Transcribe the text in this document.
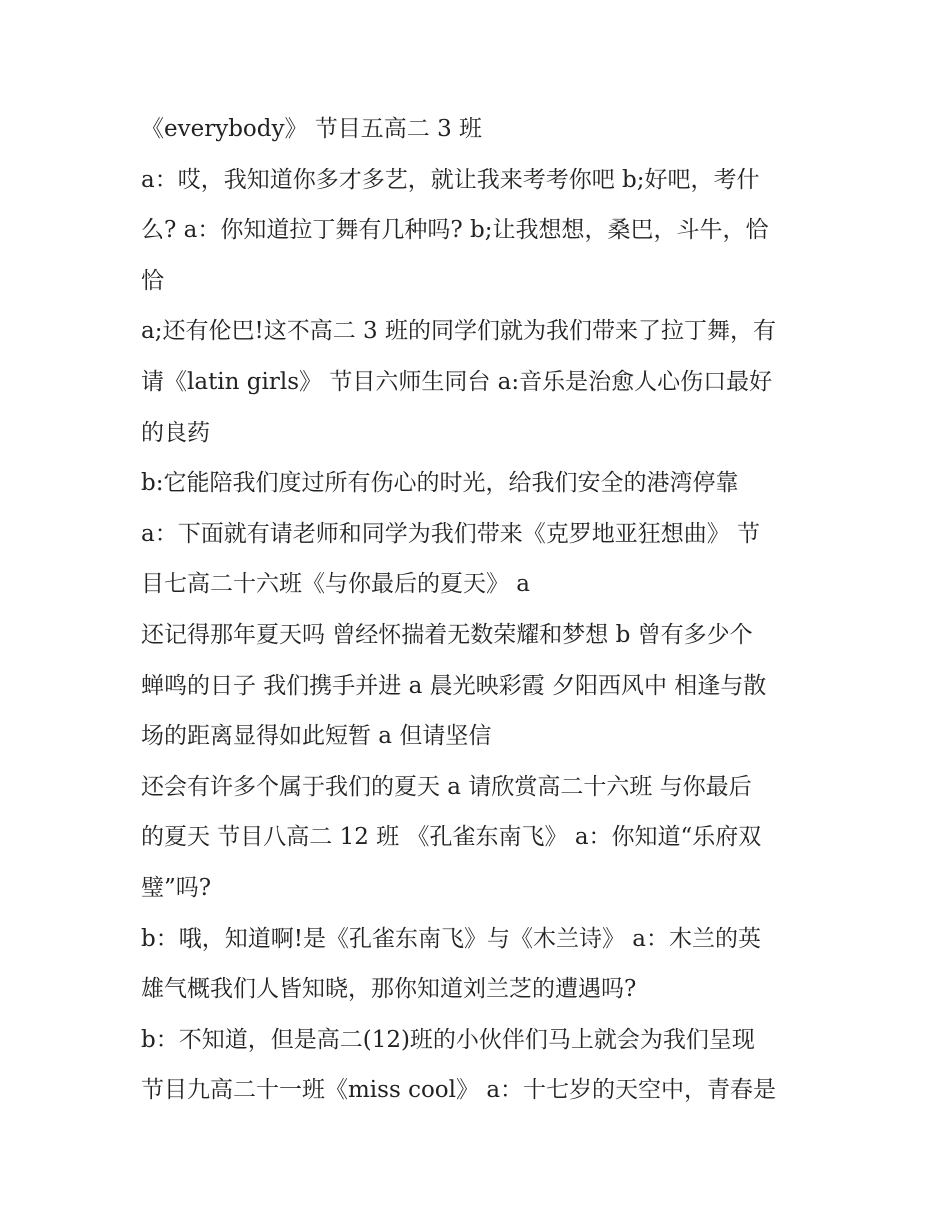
《everybody》 节目五高二 3 班
a：哎，我知道你多才多艺，就让我来考考你吧 b;好吧，考什
么? a：你知道拉丁舞有几种吗? b;让我想想，桑巴，斗牛，恰
恰
a;还有伦巴!这不高二 3 班的同学们就为我们带来了拉丁舞，有
请《latin girls》 节目六师生同台 a:音乐是治愈人心伤口最好
的良药
b:它能陪我们度过所有伤心的时光，给我们安全的港湾停靠
a：下面就有请老师和同学为我们带来《克罗地亚狂想曲》 节
目七高二十六班《与你最后的夏天》 a
还记得那年夏天吗 曾经怀揣着无数荣耀和梦想 b 曾有多少个
蝉鸣的日子 我们携手并进 a 晨光映彩霞 夕阳西风中 相逢与散
场的距离显得如此短暂 a 但请坚信
还会有许多个属于我们的夏天 a 请欣赏高二十六班 与你最后
的夏天 节目八高二 12 班 《孔雀东南飞》 a：你知道“乐府双
璧”吗?
b：哦，知道啊!是《孔雀东南飞》与《木兰诗》 a：木兰的英
雄气概我们人皆知晓，那你知道刘兰芝的遭遇吗?
b：不知道，但是高二(12)班的小伙伴们马上就会为我们呈现
节目九高二十一班《miss cool》 a：十七岁的天空中，青春是
